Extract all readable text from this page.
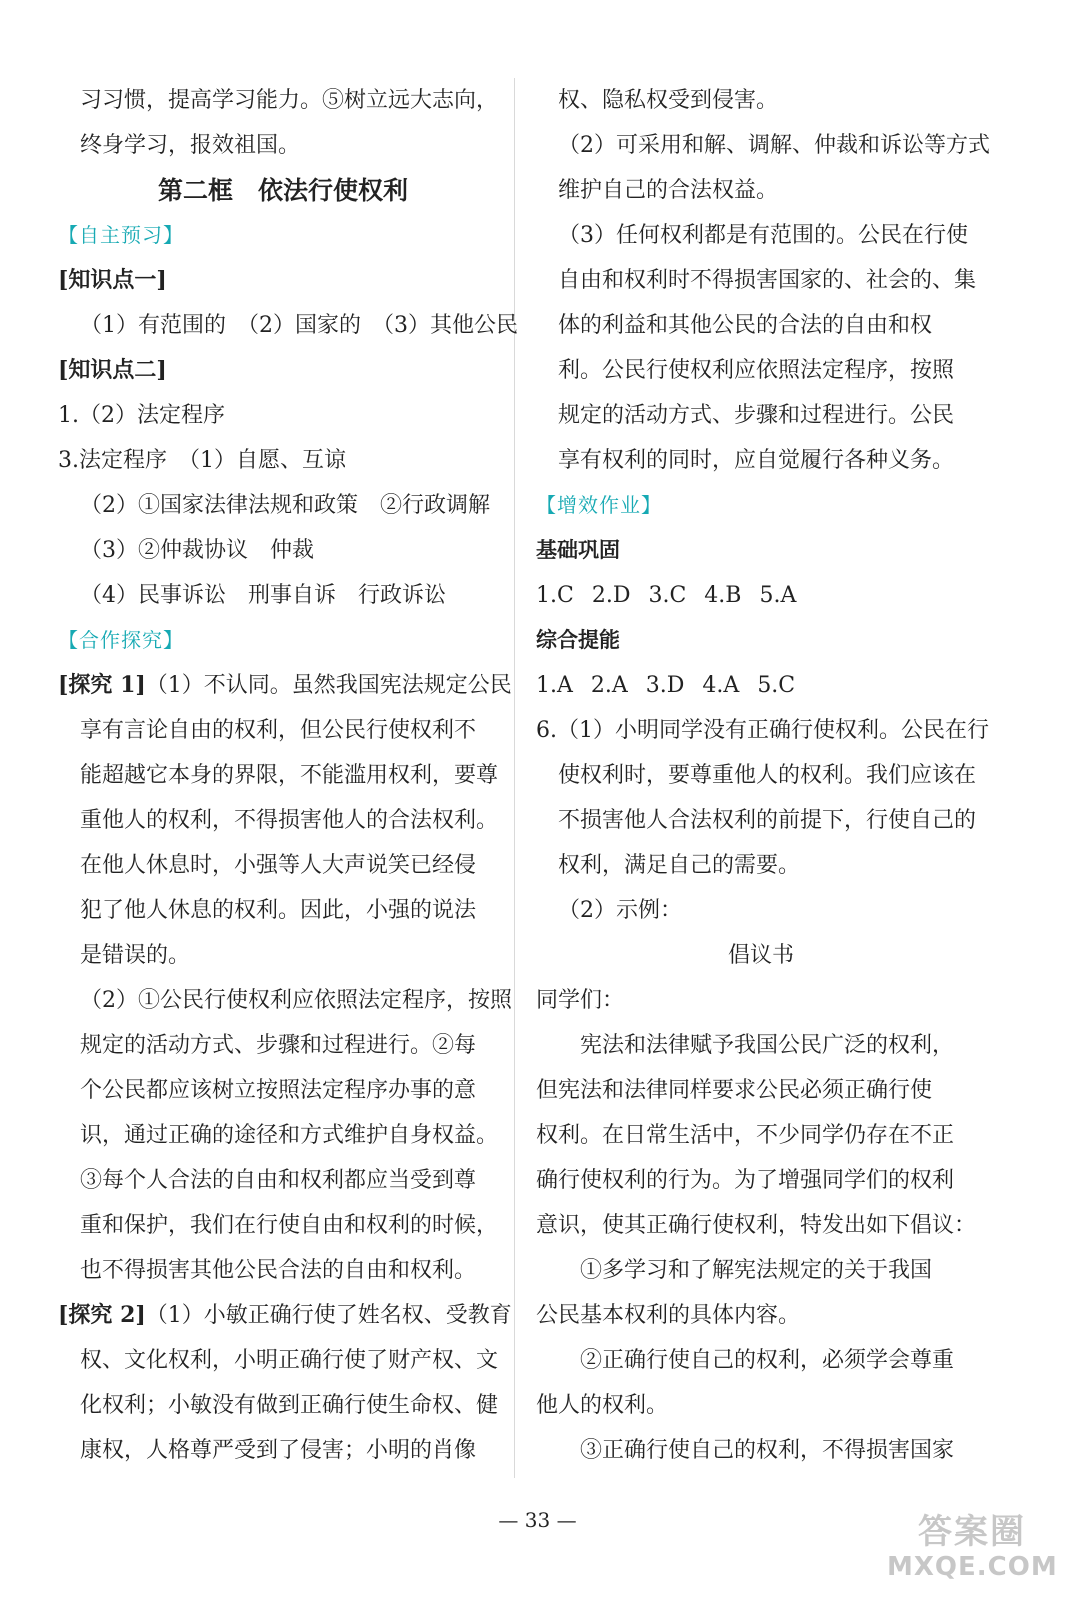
习习惯，提高学习能力。⑤树立远大志向，
终身学习，报效祖国。
第二框　依法行使权利
【自主预习】
[知识点一]
（1）有范围的　（2）国家的　（3）其他公民
[知识点二]
1.（2）法定程序
3.法定程序　（1）自愿、互谅
（2）①国家法律法规和政策　②行政调解
（3）②仲裁协议　仲裁
（4）民事诉讼　刑事自诉　行政诉讼
【合作探究】
[探究 1]（1）不认同。虽然我国宪法规定公民
享有言论自由的权利，但公民行使权利不
能超越它本身的界限，不能滥用权利，要尊
重他人的权利，不得损害他人的合法权利。
在他人休息时，小强等人大声说笑已经侵
犯了他人休息的权利。因此，小强的说法
是错误的。
（2）①公民行使权利应依照法定程序，按照
规定的活动方式、步骤和过程进行。②每
个公民都应该树立按照法定程序办事的意
识，通过正确的途径和方式维护自身权益。
③每个人合法的自由和权利都应当受到尊
重和保护，我们在行使自由和权利的时候，
也不得损害其他公民合法的自由和权利。
[探究 2]（1）小敏正确行使了姓名权、受教育
权、文化权利，小明正确行使了财产权、文
化权利；小敏没有做到正确行使生命权、健
康权，人格尊严受到了侵害；小明的肖像
权、隐私权受到侵害。
（2）可采用和解、调解、仲裁和诉讼等方式
维护自己的合法权益。
（3）任何权利都是有范围的。公民在行使
自由和权利时不得损害国家的、社会的、集
体的利益和其他公民的合法的自由和权
利。公民行使权利应依照法定程序，按照
规定的活动方式、步骤和过程进行。公民
享有权利的同时，应自觉履行各种义务。
【增效作业】
基础巩固
1.C 2.D 3.C 4.B 5.A
综合提能
1.A 2.A 3.D 4.A 5.C
6.（1）小明同学没有正确行使权利。公民在行
使权利时，要尊重他人的权利。我们应该在
不损害他人合法权利的前提下，行使自己的
权利，满足自己的需要。
（2）示例：
倡议书
同学们：
宪法和法律赋予我国公民广泛的权利，
但宪法和法律同样要求公民必须正确行使
权利。在日常生活中，不少同学仍存在不正
确行使权利的行为。为了增强同学们的权利
意识，使其正确行使权利，特发出如下倡议：
①多学习和了解宪法规定的关于我国
公民基本权利的具体内容。
②正确行使自己的权利，必须学会尊重
他人的权利。
③正确行使自己的权利，不得损害国家
— 33 —	答案圈
MXQE.COM
